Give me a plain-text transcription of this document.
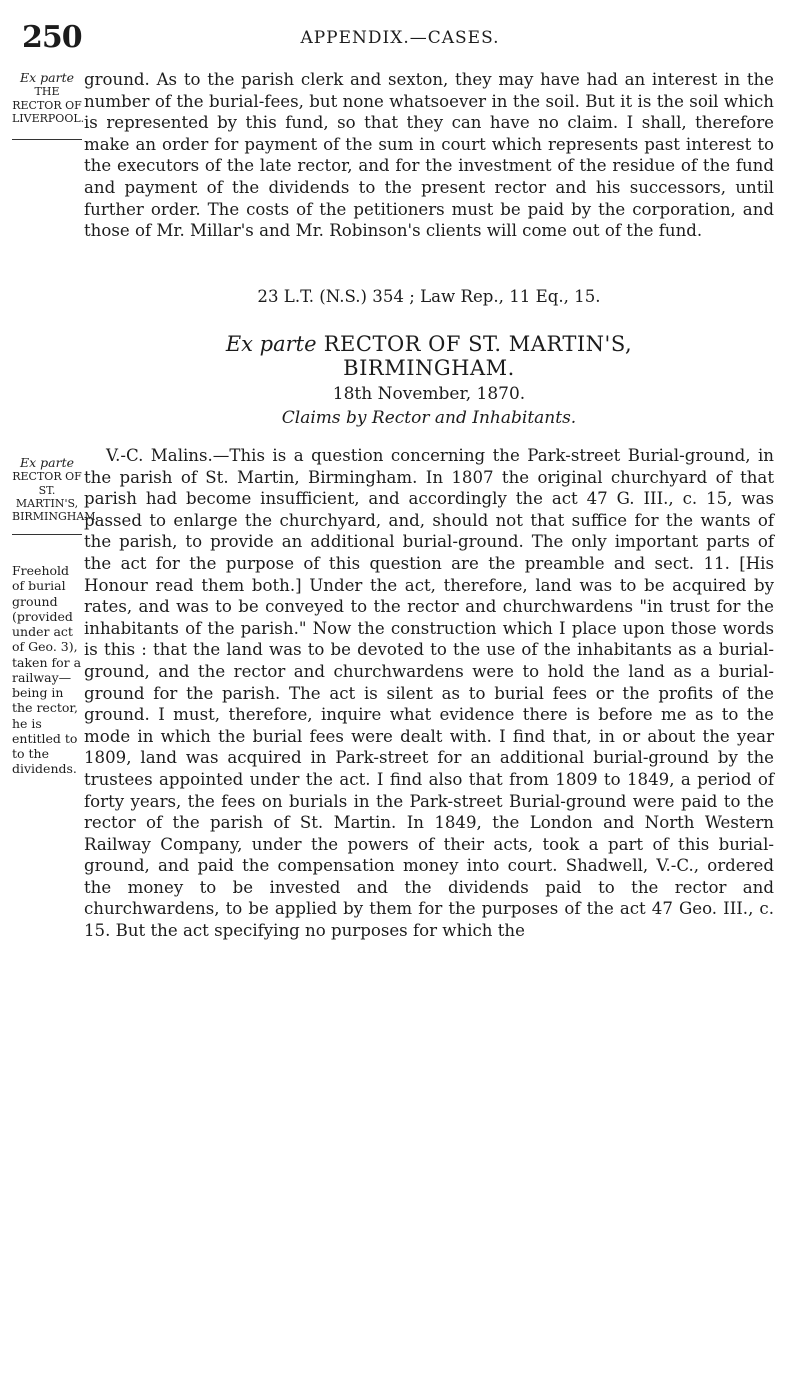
250	APPENDIX.—CASES.
Ex parte
THE RECTOR OF LIVERPOOL.

ground. As to the parish clerk and sexton, they may have had an interest in the number of the burial-fees, but none whatsoever in the soil. But it is the soil which is represented by this fund, so that they can have no claim. I shall, therefore make an order for payment of the sum in court which represents past interest to the executors of the late rector, and for the investment of the residue of the fund and payment of the dividends to the present rector and his successors, until further order. The costs of the petitioners must be paid by the corporation, and those of Mr. Millar's and Mr. Robinson's clients will come out of the fund.

23 L.T. (N.S.) 354 ; Law Rep., 11 Eq., 15.
Ex parte RECTOR OF ST. MARTIN'S,
BIRMINGHAM.
18th November, 1870.
Claims by Rector and Inhabitants.
Ex parte
RECTOR OF ST. MARTIN'S, BIRMINGHAM.
Freehold of burial ground (provided under act of Geo. 3), taken for a railway—being in the rector, he is entitled to to the dividends.

V.-C. Malins.—This is a question concerning the Park-street Burial-ground, in the parish of St. Martin, Birmingham. In 1807 the original churchyard of that parish had become insufficient, and accordingly the act 47 G. III., c. 15, was passed to enlarge the churchyard, and, should not that suffice for the wants of the parish, to provide an additional burial-ground. The only important parts of the act for the purpose of this question are the preamble and sect. 11. [His Honour read them both.] Under the act, therefore, land was to be acquired by rates, and was to be conveyed to the rector and churchwardens "in trust for the inhabitants of the parish." Now the construction which I place upon those words is this : that the land was to be devoted to the use of the inhabitants as a burial-ground, and the rector and churchwardens were to hold the land as a burial-ground for the parish. The act is silent as to burial fees or the profits of the ground. I must, therefore, inquire what evidence there is before me as to the mode in which the burial fees were dealt with. I find that, in or about the year 1809, land was acquired in Park-street for an additional burial-ground by the trustees appointed under the act. I find also that from 1809 to 1849, a period of forty years, the fees on burials in the Park-street Burial-ground were paid to the rector of the parish of St. Martin. In 1849, the London and North Western Railway Company, under the powers of their acts, took a part of this burial-ground, and paid the compensation money into court. Shadwell, V.-C., ordered the money to be invested and the dividends paid to the rector and churchwardens, to be applied by them for the purposes of the act 47 Geo. III., c. 15. But the act specifying no purposes for which the
